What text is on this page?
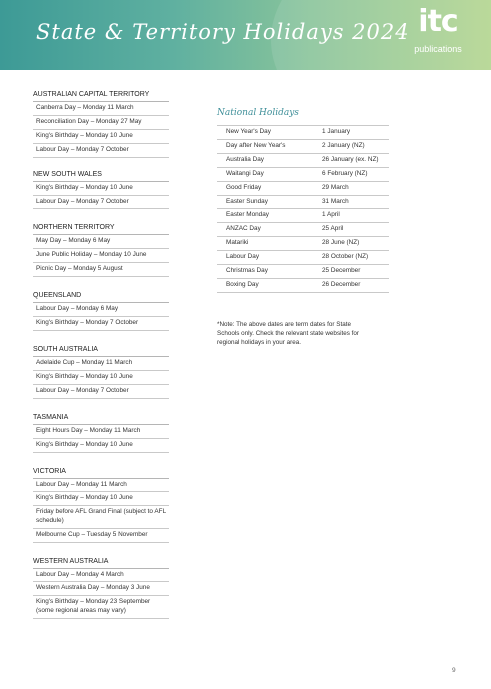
State & Territory Holidays 2024 itc
publications
AUSTRALIAN CAPITAL TERRITORY
Canberra Day – Monday 11 March
Reconciliation Day – Monday 27 May
King's Birthday – Monday 10 June
Labour Day – Monday 7 October
NEW SOUTH WALES
King's Birthday – Monday 10 June
Labour Day – Monday 7 October
NORTHERN TERRITORY
May Day – Monday 6 May
June Public Holiday – Monday 10 June
Picnic Day – Monday 5 August
QUEENSLAND
Labour Day – Monday 6 May
King's Birthday – Monday 7 October
SOUTH AUSTRALIA
Adelaide Cup – Monday 11 March
King's Birthday – Monday 10 June
Labour Day – Monday 7 October
TASMANIA
Eight Hours Day – Monday 11 March
King's Birthday – Monday 10 June
VICTORIA
Labour Day – Monday 11 March
King's Birthday – Monday 10 June
Friday before AFL Grand Final (subject to AFL schedule)
Melbourne Cup – Tuesday 5 November
WESTERN AUSTRALIA
Labour Day – Monday 4 March
Western Australia Day – Monday 3 June
King's Birthday – Monday 23 September (some regional areas may vary)
National Holidays
New Year's Day	1 January
Day after New Year's	2 January (NZ)
Australia Day	26 January (ex. NZ)
Waitangi Day	6 February (NZ)
Good Friday	29 March
Easter Sunday	31 March
Easter Monday	1 April
ANZAC Day	25 April
Matariki	28 June (NZ)
Labour Day	28 October (NZ)
Christmas Day	25 December
Boxing Day	26 December
*Note: The above dates are term dates for State Schools only. Check the relevant state websites for regional holidays in your area.
9
